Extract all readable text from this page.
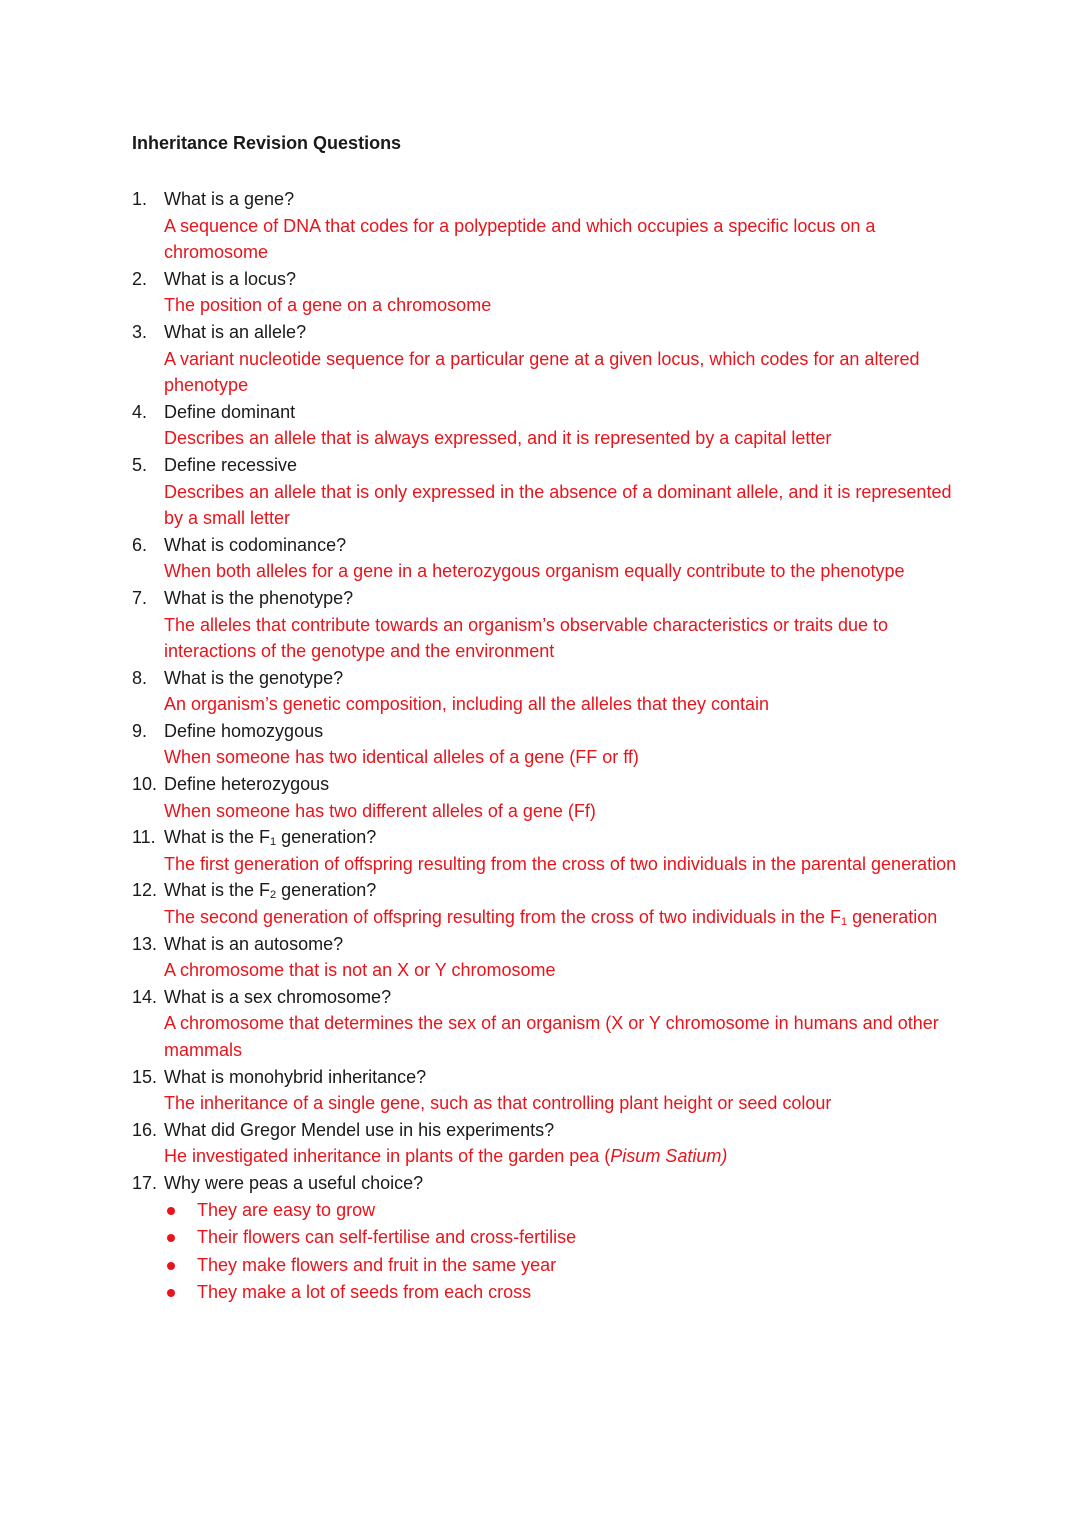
Inheritance Revision Questions
1. What is a gene?
A sequence of DNA that codes for a polypeptide and which occupies a specific locus on a chromosome
2. What is a locus?
The position of a gene on a chromosome
3. What is an allele?
A variant nucleotide sequence for a particular gene at a given locus, which codes for an altered phenotype
4. Define dominant
Describes an allele that is always expressed, and it is represented by a capital letter
5. Define recessive
Describes an allele that is only expressed in the absence of a dominant allele, and it is represented by a small letter
6. What is codominance?
When both alleles for a gene in a heterozygous organism equally contribute to the phenotype
7. What is the phenotype?
The alleles that contribute towards an organism’s observable characteristics or traits due to interactions of the genotype and the environment
8. What is the genotype?
An organism’s genetic composition, including all the alleles that they contain
9. Define homozygous
When someone has two identical alleles of a gene (FF or ff)
10. Define heterozygous
When someone has two different alleles of a gene (Ff)
11. What is the $F_1$ generation?
The first generation of offspring resulting from the cross of two individuals in the parental generation
12. What is the $F_2$ generation?
The second generation of offspring resulting from the cross of two individuals in the $F_1$ generation
13. What is an autosome?
A chromosome that is not an X or Y chromosome
14. What is a sex chromosome?
A chromosome that determines the sex of an organism (X or Y chromosome in humans and other mammals
15. What is monohybrid inheritance?
The inheritance of a single gene, such as that controlling plant height or seed colour
16. What did Gregor Mendel use in his experiments?
He investigated inheritance in plants of the garden pea (Pisum Satium)
17. Why were peas a useful choice?
They are easy to grow
Their flowers can self-fertilise and cross-fertilise
They make flowers and fruit in the same year
They make a lot of seeds from each cross
